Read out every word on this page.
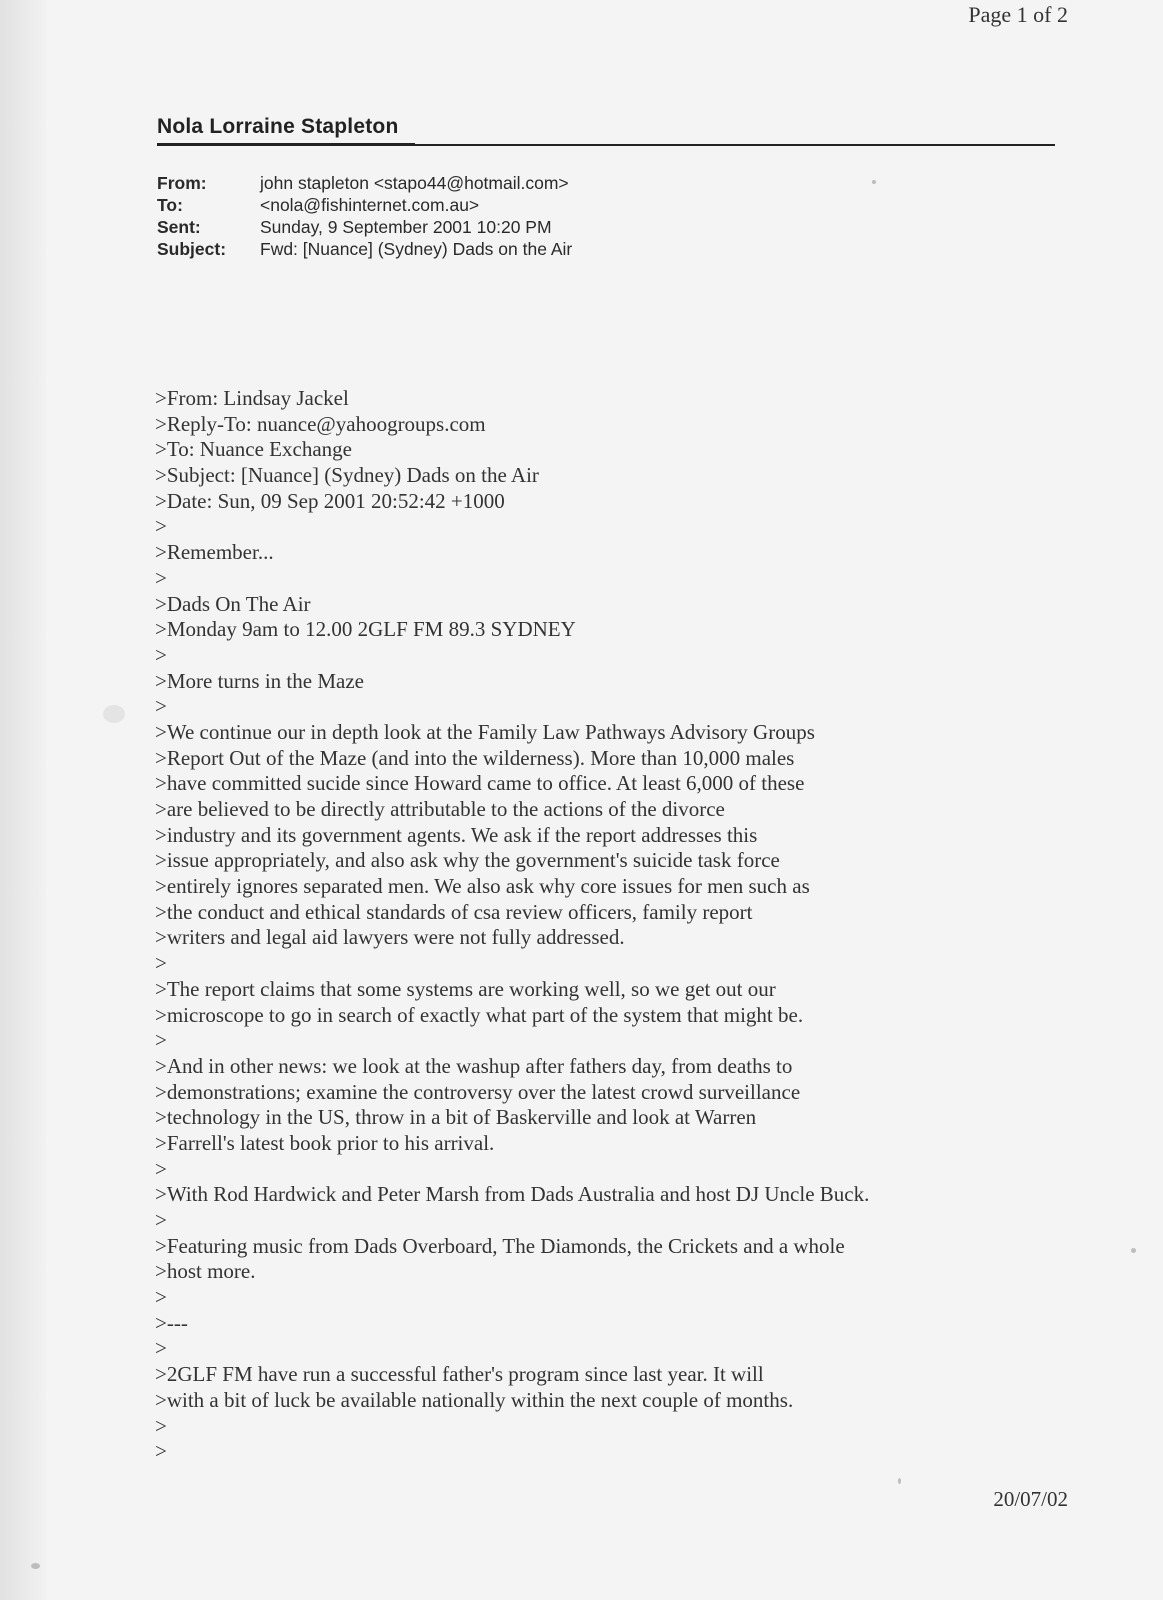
Page 1 of 2
Nola Lorraine Stapleton
From:	john stapleton <stapo44@hotmail.com>
To:	<nola@fishinternet.com.au>
Sent:	Sunday, 9 September 2001 10:20 PM
Subject:	Fwd: [Nuance] (Sydney) Dads on the Air
>From: Lindsay Jackel
>Reply-To: nuance@yahoogroups.com
>To: Nuance Exchange
>Subject: [Nuance] (Sydney) Dads on the Air
>Date: Sun, 09 Sep 2001 20:52:42 +1000
>
>Remember...
>
>Dads On The Air
>Monday 9am to 12.00 2GLF FM 89.3 SYDNEY
>
>More turns in the Maze
>
>We continue our in depth look at the Family Law Pathways Advisory Groups
>Report Out of the Maze (and into the wilderness). More than 10,000 males
>have committed sucide since Howard came to office. At least 6,000 of these
>are believed to be directly attributable to the actions of the divorce
>industry and its government agents. We ask if the report addresses this
>issue appropriately, and also ask why the government's suicide task force
>entirely ignores separated men. We also ask why core issues for men such as
>the conduct and ethical standards of csa review officers, family report
>writers and legal aid lawyers were not fully addressed.
>
>The report claims that some systems are working well, so we get out our
>microscope to go in search of exactly what part of the system that might be.
>
>And in other news: we look at the washup after fathers day, from deaths to
>demonstrations; examine the controversy over the latest crowd surveillance
>technology in the US, throw in a bit of Baskerville and look at Warren
>Farrell's latest book prior to his arrival.
>
>With Rod Hardwick and Peter Marsh from Dads Australia and host DJ Uncle Buck.
>
>Featuring music from Dads Overboard, The Diamonds, the Crickets and a whole
>host more.
>
>---
>
>2GLF FM have run a successful father's program since last year. It will
>with a bit of luck be available nationally within the next couple of months.
>
>
20/07/02
